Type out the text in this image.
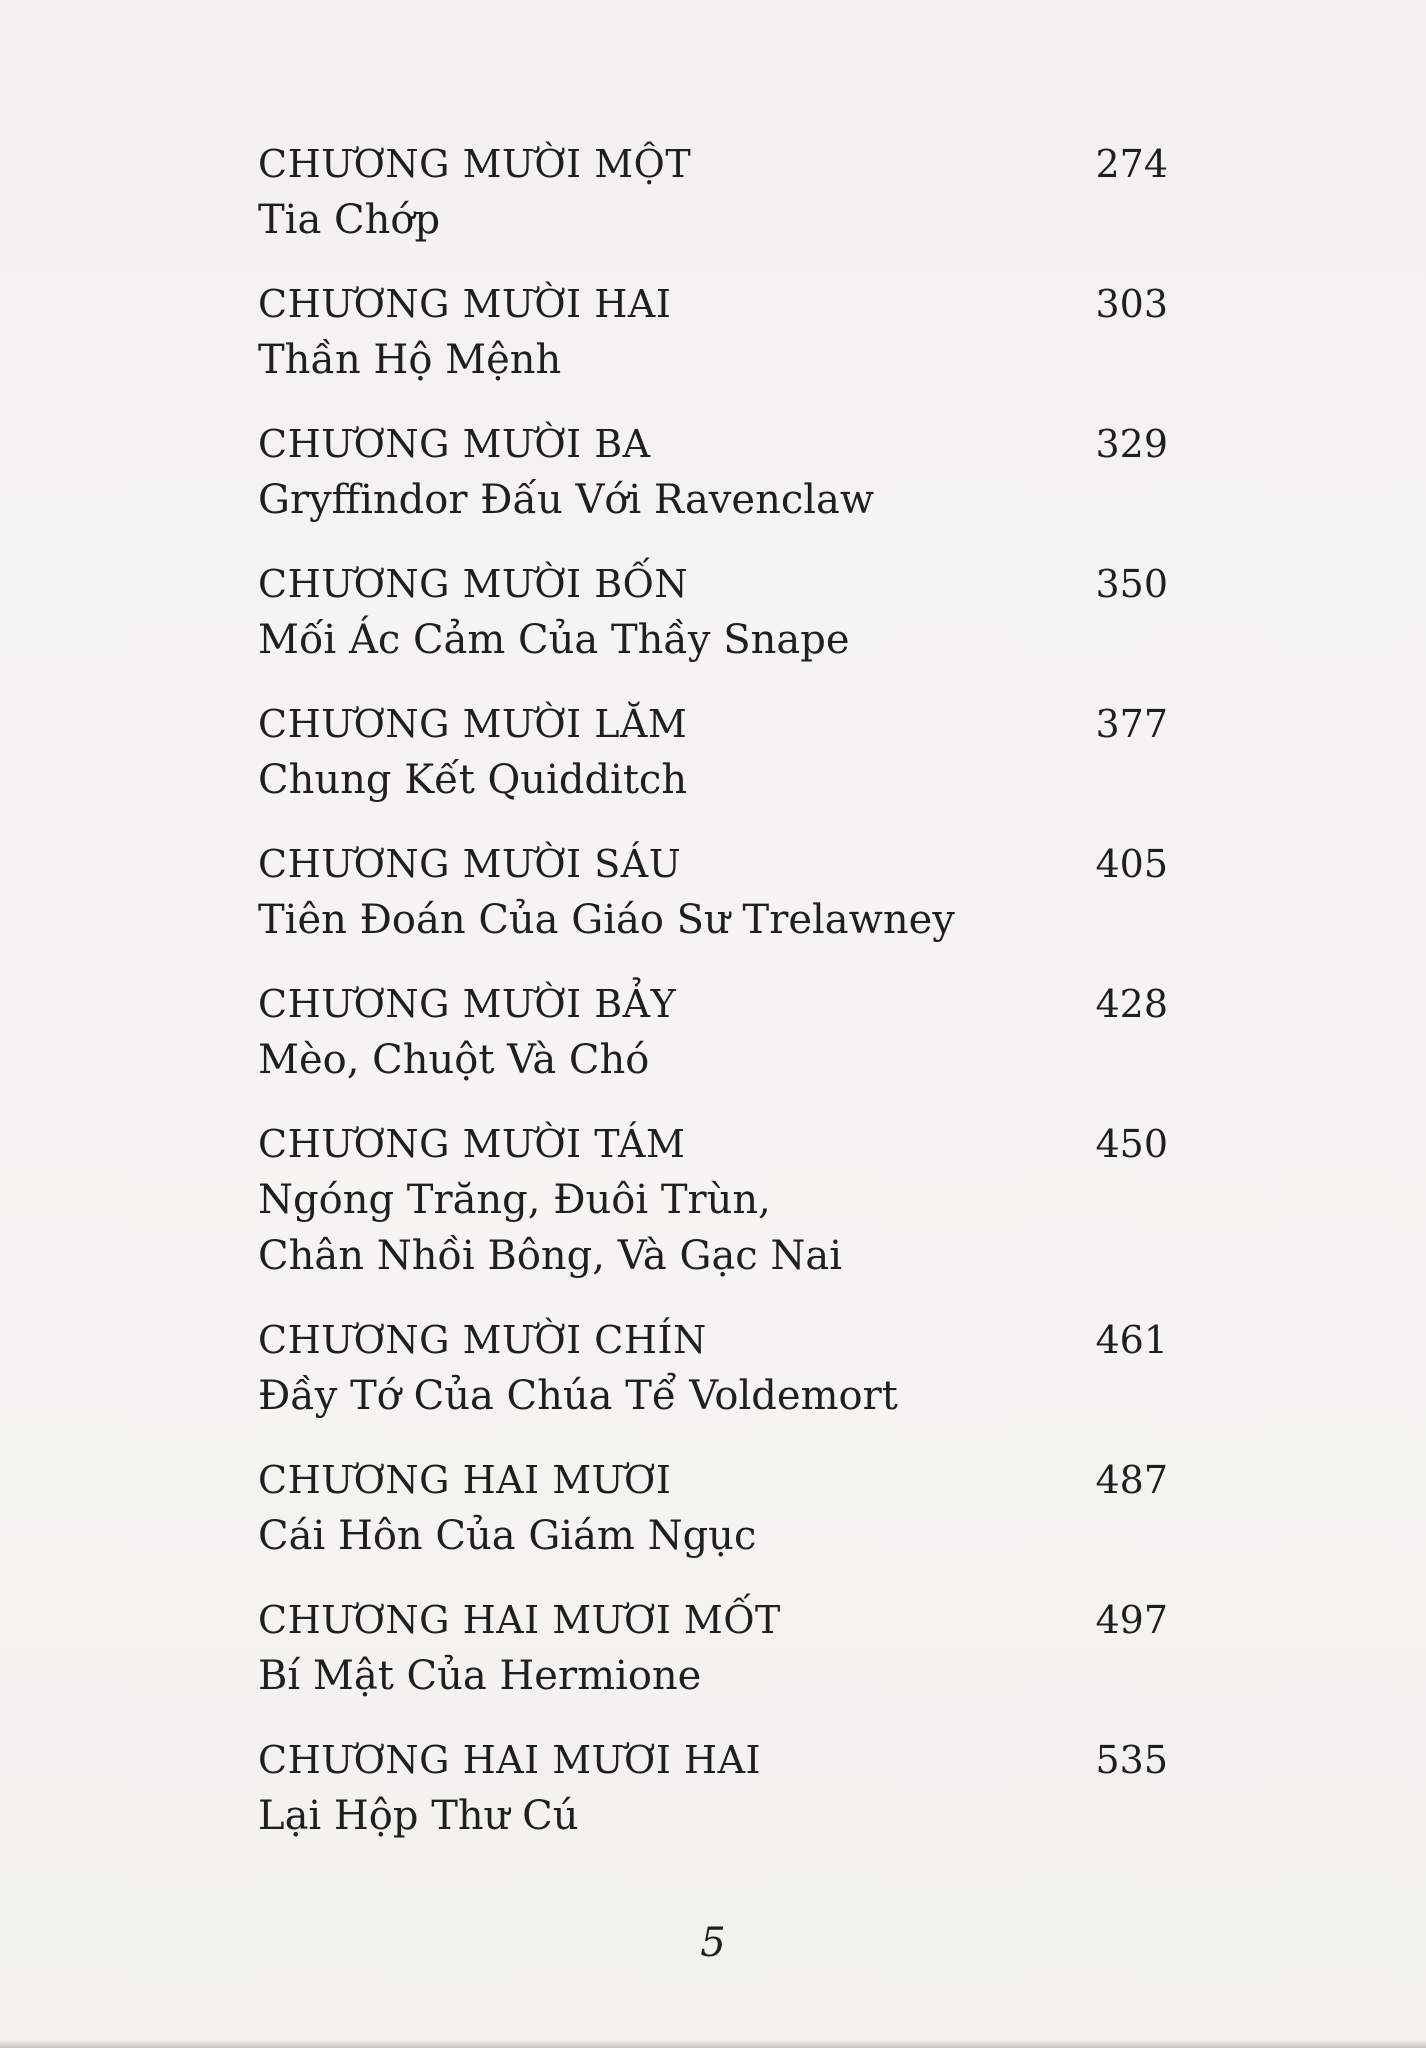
CHƯƠNG MƯỜI MỘT	274
Tia Chớp
CHƯƠNG MƯỜI HAI	303
Thần Hộ Mệnh
CHƯƠNG MƯỜI BA	329
Gryffindor Đấu Với Ravenclaw
CHƯƠNG MƯỜI BỐN	350
Mối Ác Cảm Của Thầy Snape
CHƯƠNG MƯỜI LĂM	377
Chung Kết Quidditch
CHƯƠNG MƯỜI SÁU	405
Tiên Đoán Của Giáo Sư Trelawney
CHƯƠNG MƯỜI BẢY	428
Mèo, Chuột Và Chó
CHƯƠNG MƯỜI TÁM	450
Ngóng Trăng, Đuôi Trùn,
Chân Nhồi Bông, Và Gạc Nai
CHƯƠNG MƯỜI CHÍN	461
Đầy Tớ Của Chúa Tể Voldemort
CHƯƠNG HAI MƯƠI	487
Cái Hôn Của Giám Ngục
CHƯƠNG HAI MƯƠI MỐT	497
Bí Mật Của Hermione
CHƯƠNG HAI MƯƠI HAI	535
Lại Hộp Thư Cú
5
